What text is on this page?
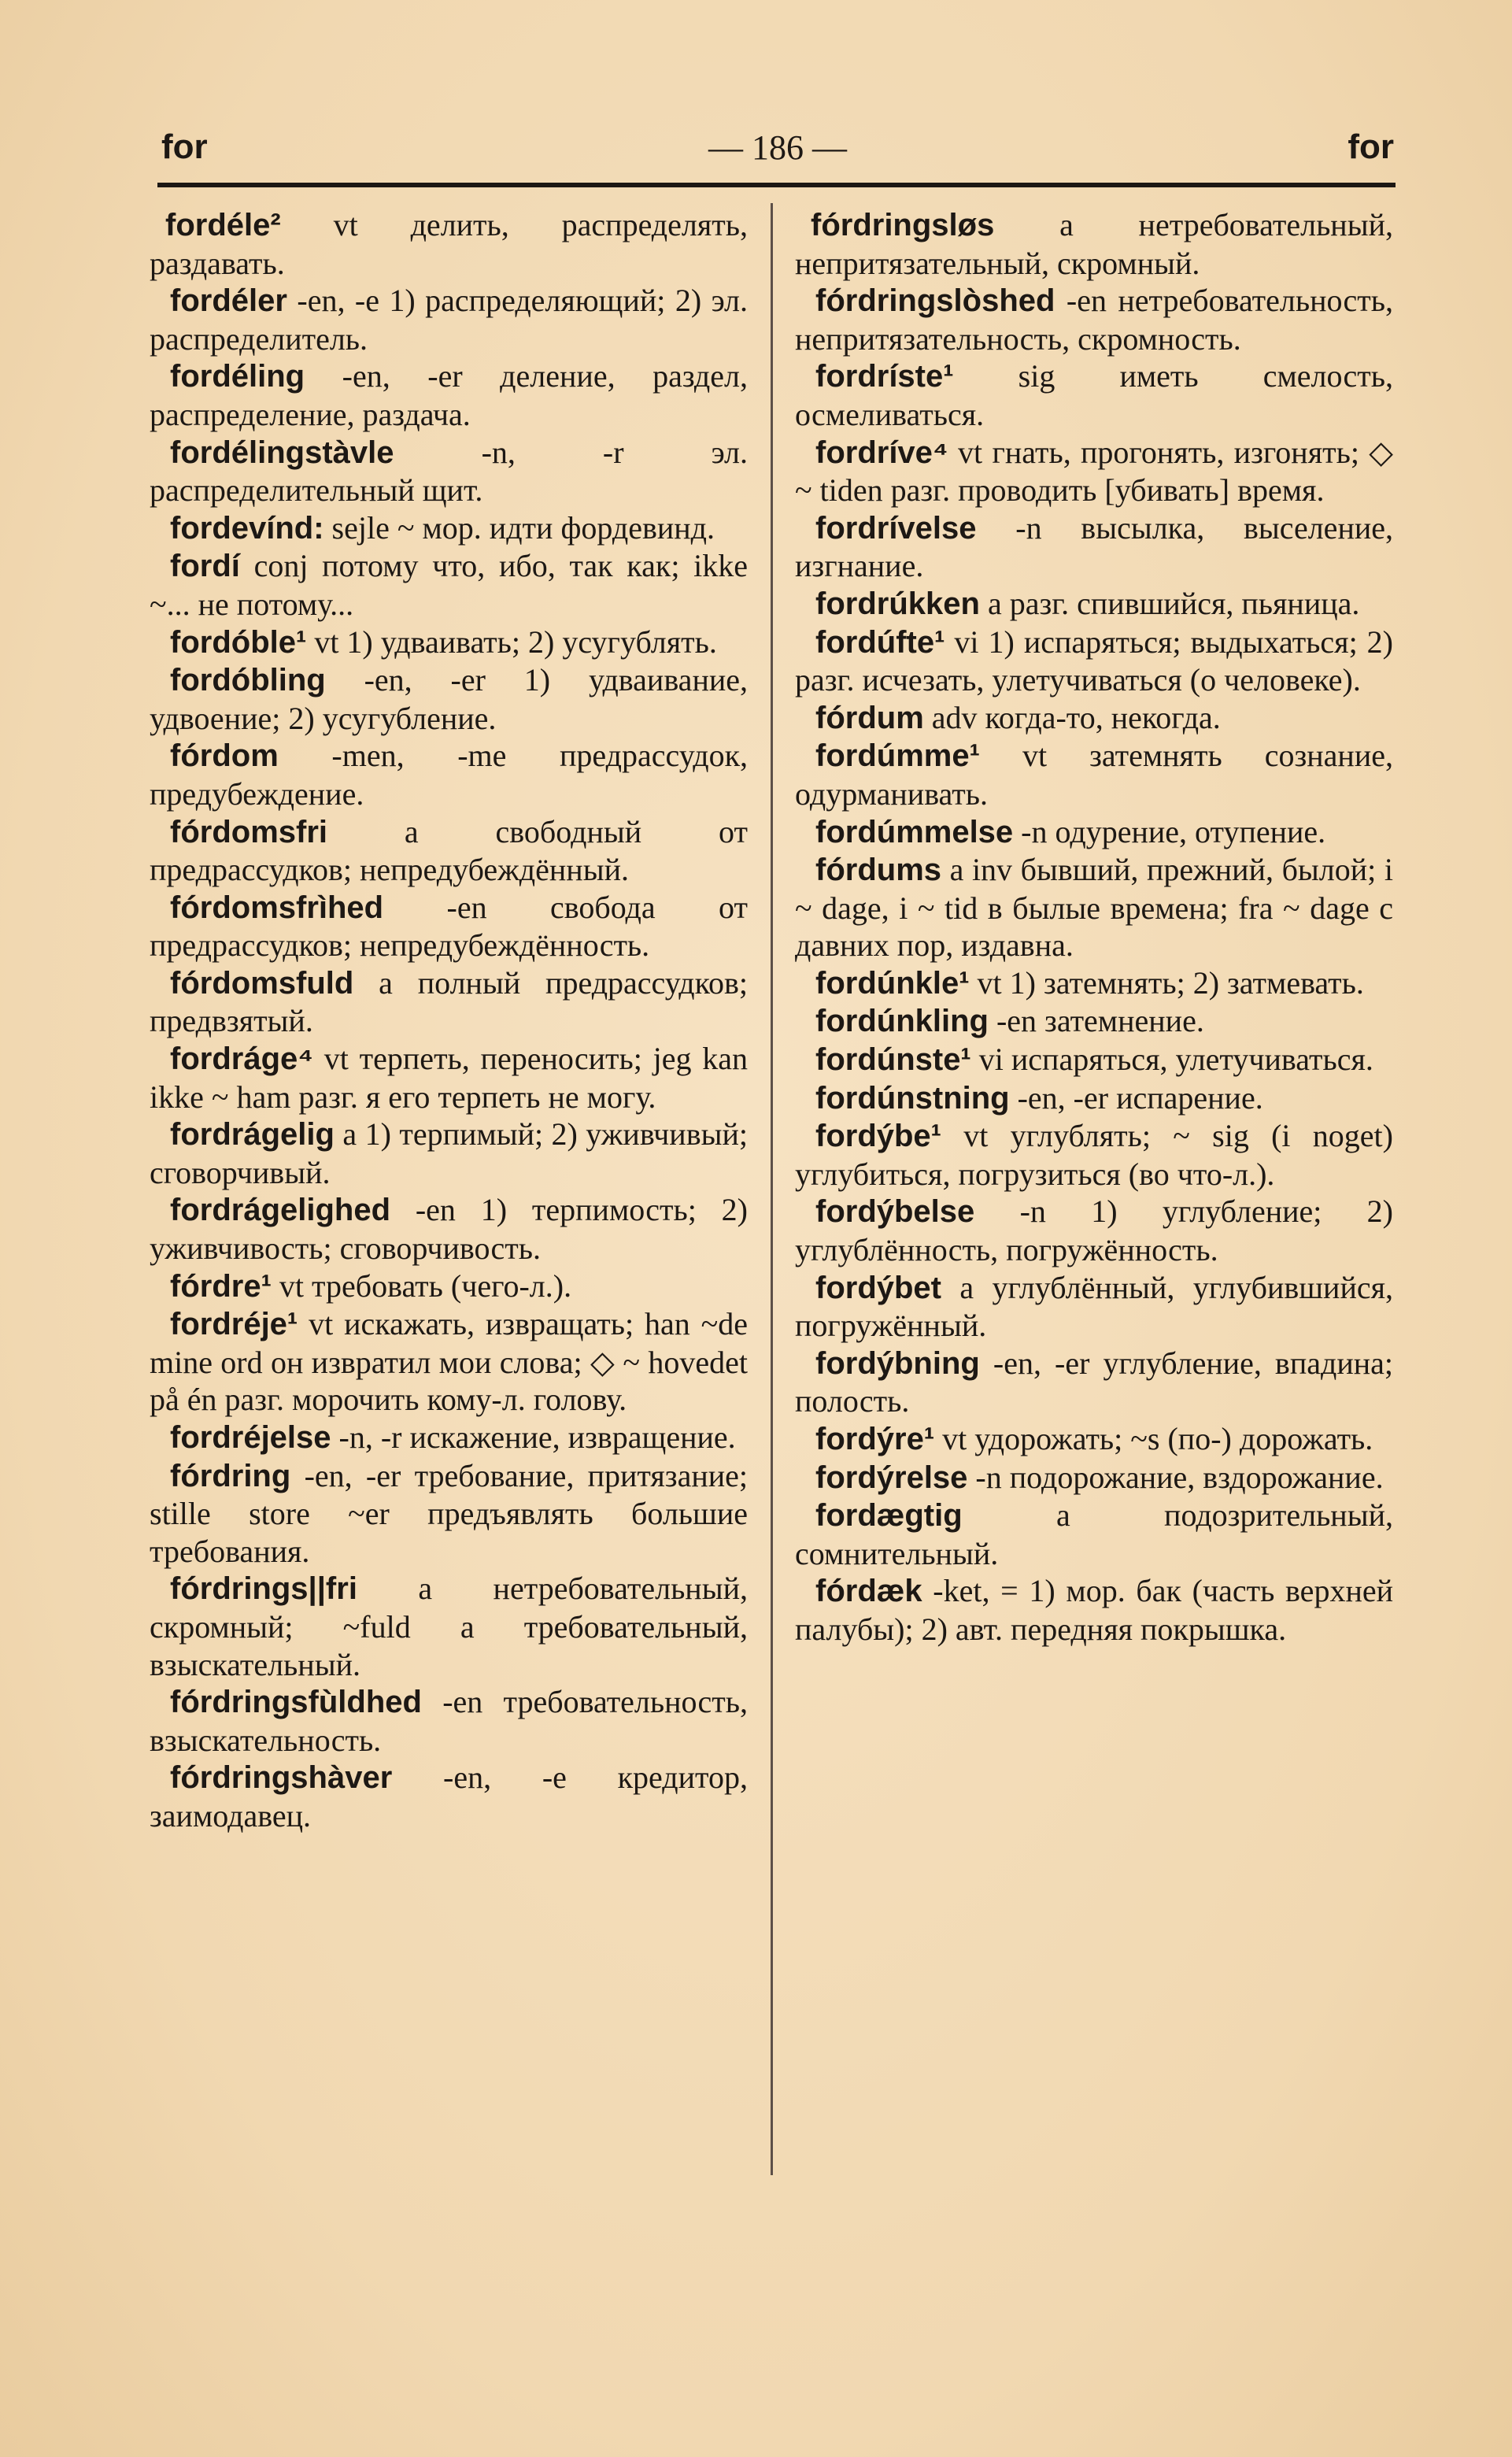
for	— 186 —	for

fordéle² vt делить, распределять, раздавать.

fordéler -en, -e 1) распределяющий; 2) эл. распределитель.

fordéling -en, -er деление, раздел, распределение, раздача.

fordélingstàvle	-n, -r эл. распределительный щит.

fordevínd: sejle ~ мор. идти фордевинд.

fordí conj потому что, ибо, так как; ikke ~... не потому...

fordóble¹ vt 1) удваивать; 2) усугублять.

fordóbling -en, -er 1) удваивание, удвоение; 2) усугубление.

fórdom -men, -me предрассудок, предубеждение.

fórdomsfri a свободный от предрассудков; непредубеждённый.

fórdomsfrìhed -en свобода от предрассудков; непредубеждённость.

fórdomsfuld a полный предрассудков; предвзятый.

fordráge⁴ vt терпеть, переносить; jeg kan ikke ~ ham разг. я его терпеть не могу.

fordrágelig a 1) терпимый; 2) уживчивый; сговорчивый.

fordrágelighed -en 1) терпимость; 2) уживчивость; сговорчивость.

fórdre¹ vt требовать (чего-л.).

fordréje¹ vt искажать, извращать; han ~de mine ord он извратил мои слова; ◇ ~ hovedet på én разг. морочить кому-л. голову.

fordréjelse -n, -r искажение, извращение.

fórdring -en, -er требование, притязание; stille store ~er предъявлять большие требования.

fórdrings||fri a нетребовательный, скромный; ~fuld a требовательный, взыскательный.

fórdringsfùldhed -en требовательность, взыскательность.

fórdringshàver -en, -e кредитор, заимодавец.

fórdringsløs a нетребовательный, непритязательный, скромный.

fórdringslòshed -en нетребовательность, непритязательность, скромность.

fordríste¹ sig иметь смелость, осмеливаться.

fordríve⁴ vt гнать, прогонять, изгонять; ◇ ~ tiden разг. проводить [убивать] время.

fordrívelse -n высылка, выселение, изгнание.

fordrúkken a разг. спившийся, пьяница.

fordúfte¹ vi 1) испаряться; выдыхаться; 2) разг. исчезать, улетучиваться (о человеке).

fórdum adv когда-то, некогда.

fordúmme¹ vt затемнять сознание, одурманивать.

fordúmmelse -n одурение, отупение.

fórdums a inv бывший, прежний, былой; i ~ dage, i ~ tid в былые времена; fra ~ dage с давних пор, издавна.

fordúnkle¹ vt 1) затемнять; 2) затмевать.

fordúnkling -en затемнение.

fordúnste¹ vi испаряться, улетучиваться.

fordúnstning -en, -er испарение.

fordýbe¹ vt углублять; ~ sig (i noget) углубиться, погрузиться (во что-л.).

fordýbelse -n 1) углубление; 2) углублённость, погружённость.

fordýbet a углублённый, углубившийся, погружённый.

fordýbning -en, -er углубление, впадина; полость.

fordýre¹ vt удорожать; ~s (по-) дорожать.

fordýrelse -n подорожание, вздорожание.

fordægtig	a подозрительный, сомнительный.

fórdæk -ket, = 1) мор. бак (часть верхней палубы); 2) авт. передняя покрышка.
